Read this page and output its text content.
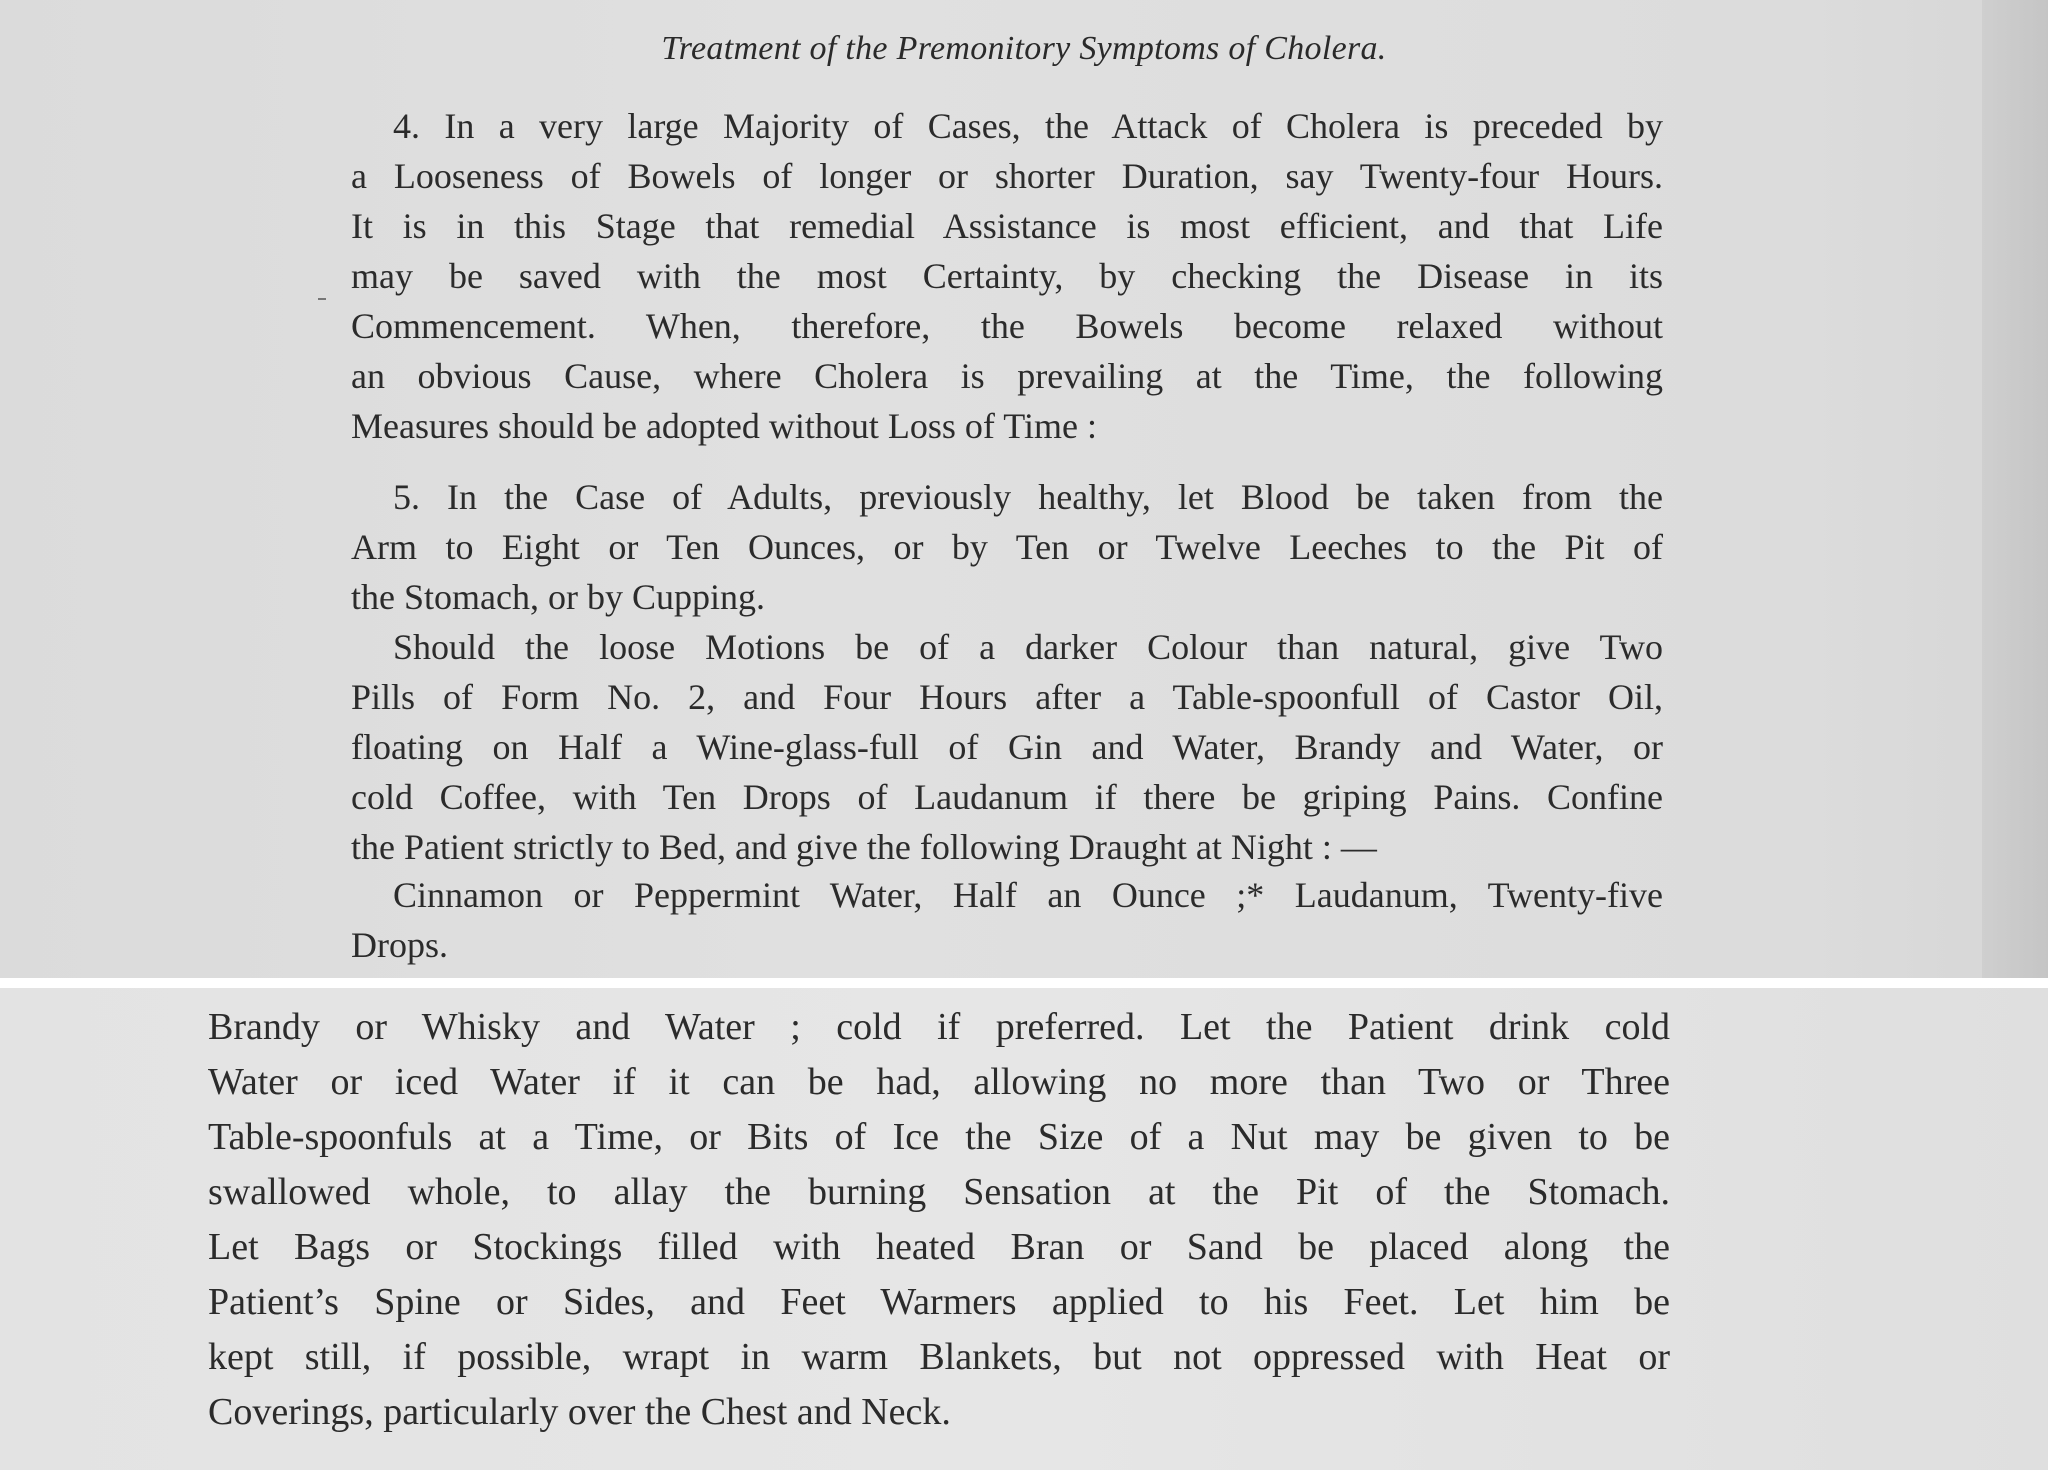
Treatment of the Premonitory Symptoms of Cholera.

4. In a very large Majority of Cases, the Attack of Cholera is preceded by
a Looseness of Bowels of longer or shorter Duration, say Twenty-four Hours.
It is in this Stage that remedial Assistance is most efficient, and that Life
may be saved with the most Certainty, by checking the Disease in its
Commencement. When, therefore, the Bowels become relaxed without
an obvious Cause, where Cholera is prevailing at the Time, the following
Measures should be adopted without Loss of Time :

5. In the Case of Adults, previously healthy, let Blood be taken from the
Arm to Eight or Ten Ounces, or by Ten or Twelve Leeches to the Pit of
the Stomach, or by Cupping.

Should the loose Motions be of a darker Colour than natural, give Two
Pills of Form No. 2, and Four Hours after a Table-spoonfull of Castor Oil,
floating on Half a Wine-glass-full of Gin and Water, Brandy and Water, or
cold Coffee, with Ten Drops of Laudanum if there be griping Pains. Confine
the Patient strictly to Bed, and give the following Draught at Night : —

Cinnamon or Peppermint Water, Half an Ounce ;* Laudanum, Twenty-five
Drops.

Brandy or Whisky and Water ; cold if preferred. Let the Patient drink cold
Water or iced Water if it can be had, allowing no more than Two or Three
Table-spoonfuls at a Time, or Bits of Ice the Size of a Nut may be given to be
swallowed whole, to allay the burning Sensation at the Pit of the Stomach.
Let Bags or Stockings filled with heated Bran or Sand be placed along the
Patient’s Spine or Sides, and Feet Warmers applied to his Feet. Let him be
kept still, if possible, wrapt in warm Blankets, but not oppressed with Heat or
Coverings, particularly over the Chest and Neck.
